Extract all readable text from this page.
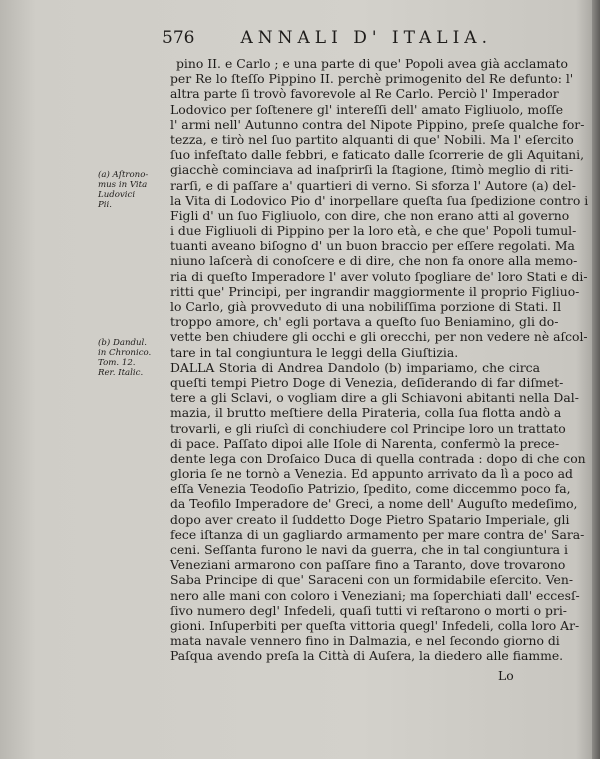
576	ANNALI D' ITALIA.
pino II. e Carlo ; e una parte di que' Popoli avea già acclamato
per Re lo ſteſſo Pippino II. perchè primogenito del Re defunto: l'
altra parte ſi trovò favorevole al Re Carlo. Perciò l' Imperador
Lodovico per ſoſtenere gl' intereſſi dell' amato Figliuolo, moſſe
l' armi nell' Autunno contra del Nipote Pippino, preſe qualche for-
tezza, e tirò nel ſuo partito alquanti di que' Nobili. Ma l' eſercito
ſuo infeſtato dalle febbri, e faticato dalle ſcorrerie de gli Aquitani,
giacchè cominciava ad inaſprirſi la ſtagione, ſtimò meglio di riti-
rarſi, e di paſſare a' quartieri di verno. Si sforza l' Autore (a) del-
la Vita di Lodovico Pio d' inorpellare queſta ſua ſpedizione contro i
Figli d' un ſuo Figliuolo, con dire, che non erano atti al governo
i due Figliuoli di Pippino per la loro età, e che que' Popoli tumul-
tuanti aveano biſogno d' un buon braccio per eſſere regolati. Ma
niuno laſcerà di conoſcere e di dire, che non fa onore alla memo-
ria di queſto Imperadore l' aver voluto ſpogliare de' loro Stati e di-
ritti que' Principi, per ingrandir maggiormente il proprio Figliuo-
lo Carlo, già provveduto di una nobiliſſima porzione di Stati. Il
troppo amore, ch' egli portava a queſto ſuo Beniamino, gli do-
vette ben chiudere gli occhi e gli orecchi, per non vedere nè aſcol-
tare in tal congiuntura le leggi della Giuſtizia.
DALLA Storia di Andrea Dandolo (b) impariamo, che circa
queſti tempi Pietro Doge di Venezia, deſiderando di far diſmet-
tere a gli Sclavi, o vogliam dire a gli Schiavoni abitanti nella Dal-
mazia, il brutto meſtiere della Pirateria, colla ſua flotta andò a
trovarli, e gli riuſcì di conchiudere col Principe loro un trattato
di pace. Paſſato dipoi alle Iſole di Narenta, confermò la prece-
dente lega con Droſaico Duca di quella contrada : dopo di che con
gloria ſe ne tornò a Venezia. Ed appunto arrivato da lì a poco ad
eſſa Venezia Teodoſio Patrizio, ſpedito, come diccemmo poco fa,
da Teofilo Imperadore de' Greci, a nome dell' Auguſto medeſimo,
dopo aver creato il ſuddetto Doge Pietro Spatario Imperiale, gli
fece iſtanza di un gagliardo armamento per mare contra de' Sara-
ceni. Seſſanta furono le navi da guerra, che in tal congiuntura i
Veneziani armarono con paſſare fino a Taranto, dove trovarono
Saba Principe di que' Saraceni con un formidabile eſercito. Ven-
nero alle mani con coloro i Veneziani; ma ſoperchiati dall' eccesſ-
ſivo numero degl' Infedeli, quaſi tutti vi reſtarono o morti o pri-
gioni. Inſuperbiti per queſta vittoria quegl' Infedeli, colla loro Ar-
mata navale vennero fino in Dalmazia, e nel ſecondo giorno di
Paſqua avendo preſa la Città di Auſera, la diedero alle fiamme.
(a) Aſtrono-
mus in Vita
Ludovici
Pii.
(b) Dandul.
in Chronico.
Tom. 12.
Rer. Italic.
Lo
